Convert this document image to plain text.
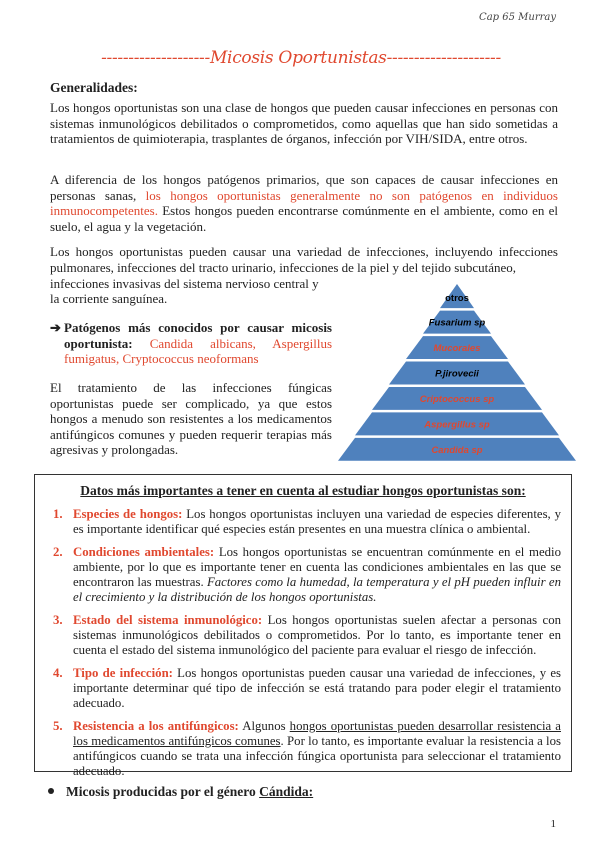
Cap 65 Murray
--------------------Micosis Oportunistas---------------------
Generalidades:

Los hongos oportunistas son una clase de hongos que pueden causar infecciones en personas con sistemas inmunológicos debilitados o comprometidos, como aquellas que han sido sometidas a tratamientos de quimioterapia, trasplantes de órganos, infección por VIH/SIDA, entre otros.

A diferencia de los hongos patógenos primarios, que son capaces de causar infecciones en personas sanas, los hongos oportunistas generalmente no son patógenos en individuos inmunocompetentes. Estos hongos pueden encontrarse comúnmente en el ambiente, como en el suelo, el agua y la vegetación.

Los hongos oportunistas pueden causar una variedad de infecciones, incluyendo infecciones pulmonares, infecciones del tracto urinario, infecciones de la piel y del tejido subcutáneo,

infecciones invasivas del sistema nervioso central y

la corriente sanguínea.

➔ Patógenos más conocidos por causar micosis oportunista: Candida albicans, Aspergillus fumigatus, Cryptococcus neoformans

El tratamiento de las infecciones fúngicas oportunistas puede ser complicado, ya que estos hongos a menudo son resistentes a los medicamentos antifúngicos comunes y pueden requerir terapias más agresivas y prolongadas.

otros
Fusarium sp
Mucorales
P.jirovecii
Criptococcus sp
Aspergillus sp
Candida sp
Datos más importantes a tener en cuenta al estudiar hongos oportunistas son:
1. Especies de hongos: Los hongos oportunistas incluyen una variedad de especies diferentes, y es importante identificar qué especies están presentes en una muestra clínica o ambiental.
2. Condiciones ambientales: Los hongos oportunistas se encuentran comúnmente en el medio ambiente, por lo que es importante tener en cuenta las condiciones ambientales en las que se encontraron las muestras. Factores como la humedad, la temperatura y el pH pueden influir en el crecimiento y la distribución de los hongos oportunistas.
3. Estado del sistema inmunológico: Los hongos oportunistas suelen afectar a personas con sistemas inmunológicos debilitados o comprometidos. Por lo tanto, es importante tener en cuenta el estado del sistema inmunológico del paciente para evaluar el riesgo de infección.
4. Tipo de infección: Los hongos oportunistas pueden causar una variedad de infecciones, y es importante determinar qué tipo de infección se está tratando para poder elegir el tratamiento adecuado.
5. Resistencia a los antifúngicos: Algunos hongos oportunistas pueden desarrollar resistencia a los medicamentos antifúngicos comunes. Por lo tanto, es importante evaluar la resistencia a los antifúngicos cuando se trata una infección fúngica oportunista para seleccionar el tratamiento adecuado.
Micosis producidas por el género Cándida:
1
